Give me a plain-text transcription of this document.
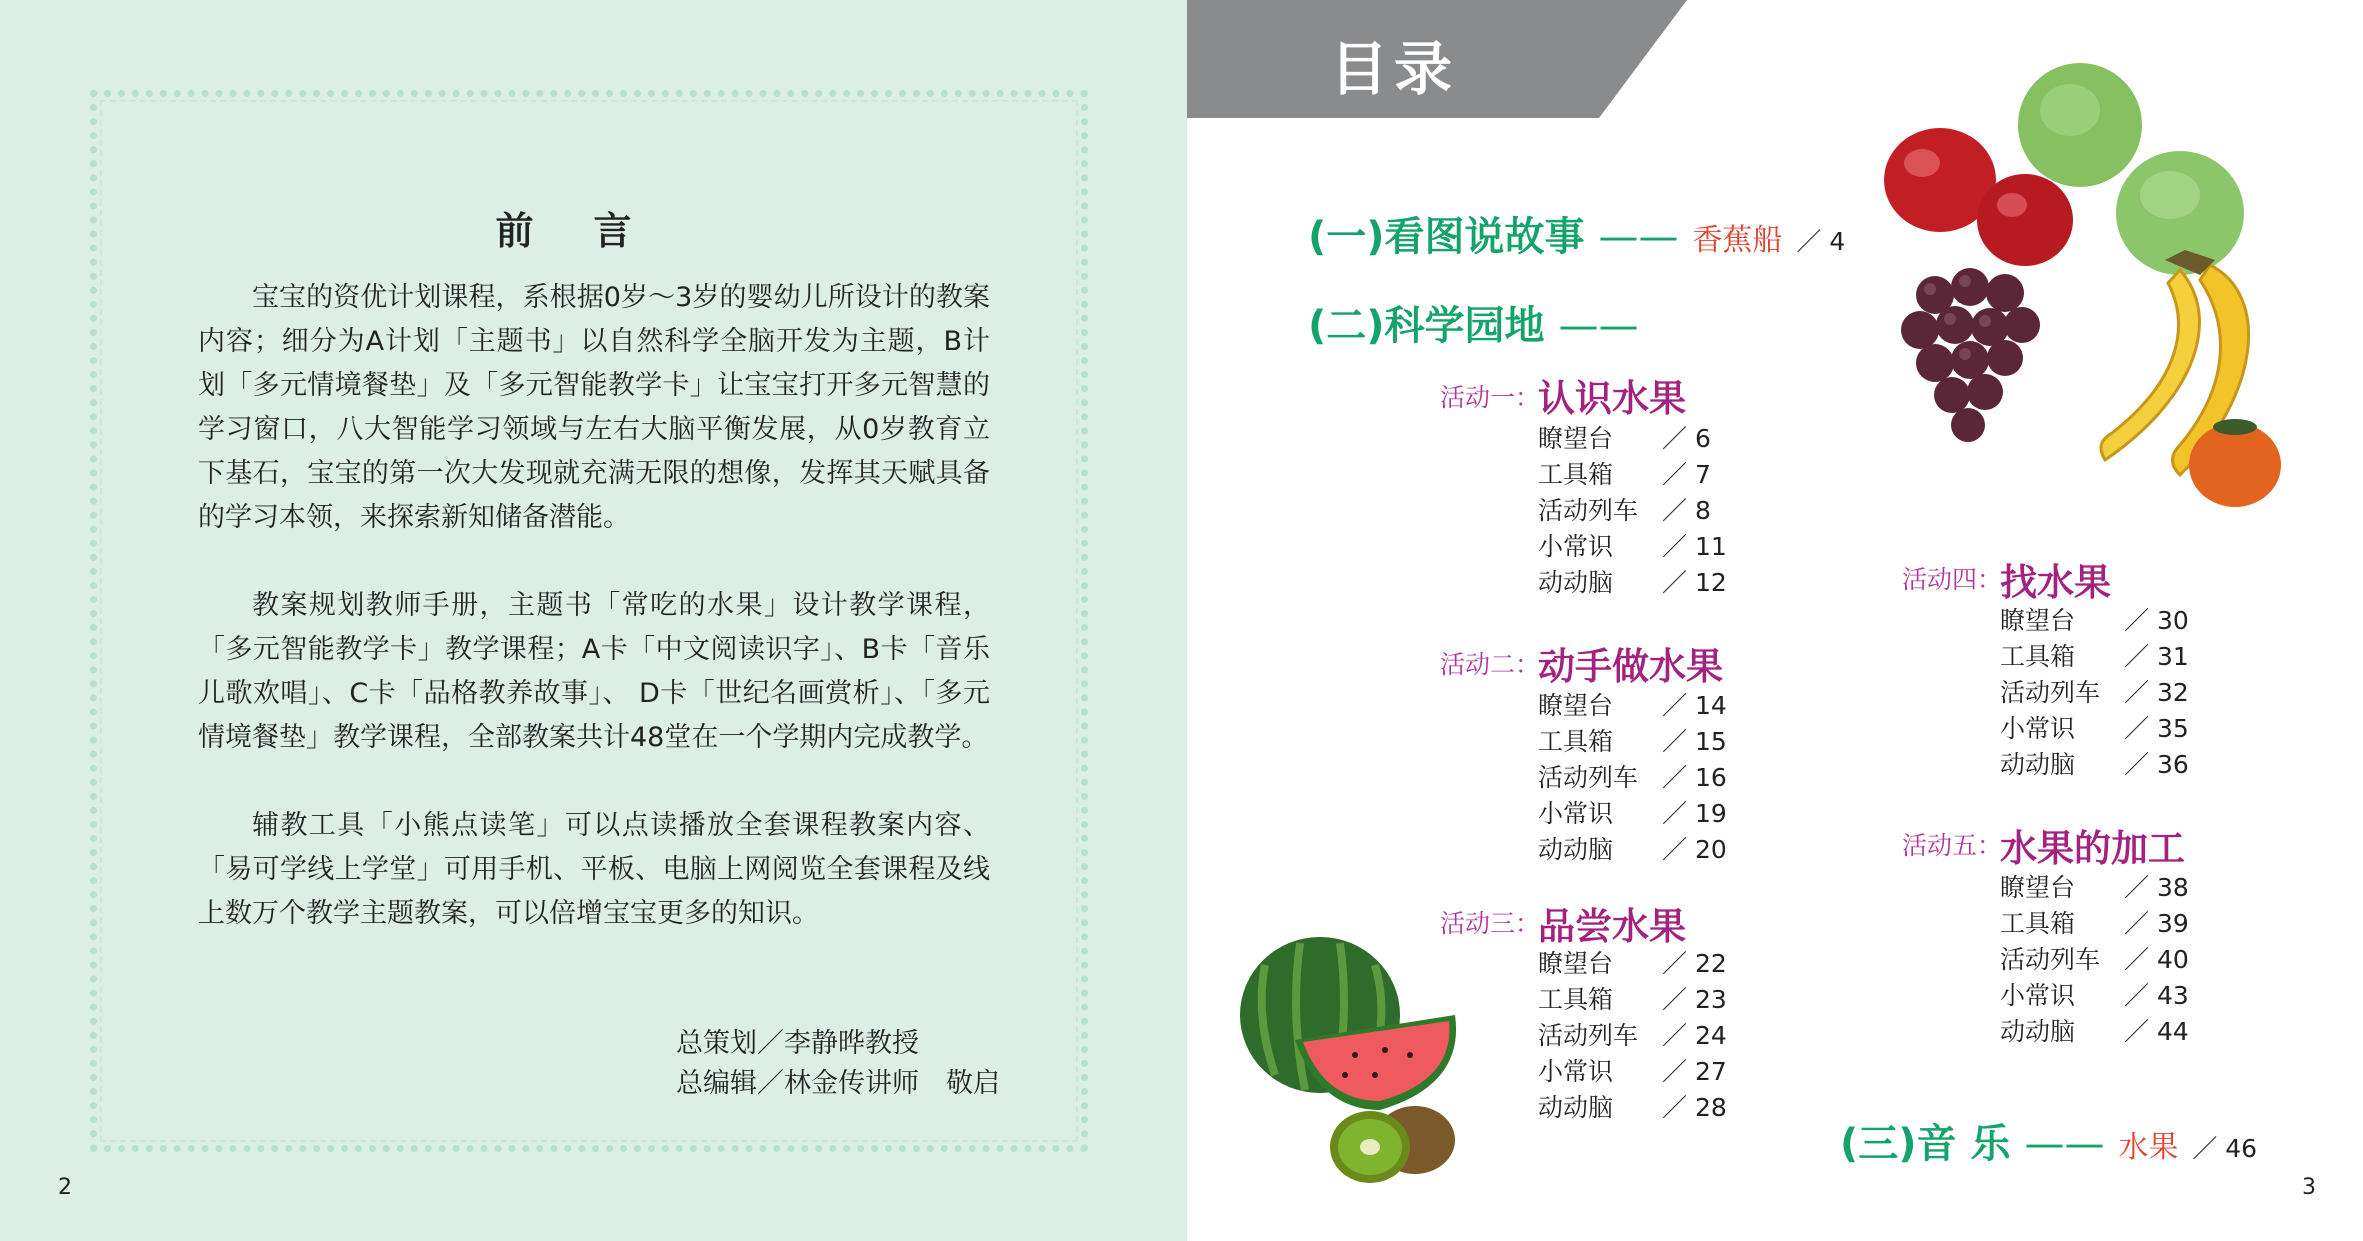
前言
宝宝的资优计划课程，系根据0岁～3岁的婴幼儿所设计的教案内容；细分为A计划「主题书」以自然科学全脑开发为主题，B计划「多元情境餐垫」及「多元智能教学卡」让宝宝打开多元智慧的学习窗口，八大智能学习领域与左右大脑平衡发展，从0岁教育立下基石，宝宝的第一次大发现就充满无限的想像，发挥其天赋具备的学习本领，来探索新知储备潜能。
教案规划教师手册，主题书「常吃的水果」设计教学课程，「多元智能教学卡」教学课程；A卡「中文阅读识字」、B卡「音乐儿歌欢唱」、C卡「品格教养故事」、 D卡「世纪名画赏析」、「多元情境餐垫」教学课程，全部教案共计48堂在一个学期内完成教学。
辅教工具「小熊点读笔」可以点读播放全套课程教案内容、「易可学线上学堂」可用手机、平板、电脑上网阅览全套课程及线上数万个教学主题教案，可以倍增宝宝更多的知识。
总策划／李静晔教授
总编辑／林金传讲师　敬启
2
目录
(一)看图说故事 —— 香蕉船 ／ 4
(二)科学园地 ——
活动一：
认识水果
瞭望台 ／ 6
工具箱 ／ 7
活动列车 ／ 8
小常识 ／ 11
动动脑 ／ 12
活动二：
动手做水果
瞭望台 ／ 14
工具箱 ／ 15
活动列车 ／ 16
小常识 ／ 19
动动脑 ／ 20
活动三：
品尝水果
瞭望台 ／ 22
工具箱 ／ 23
活动列车 ／ 24
小常识 ／ 27
动动脑 ／ 28
活动四：
找水果
瞭望台 ／ 30
工具箱 ／ 31
活动列车 ／ 32
小常识 ／ 35
动动脑 ／ 36
活动五：
水果的加工
瞭望台 ／ 38
工具箱 ／ 39
活动列车 ／ 40
小常识 ／ 43
动动脑 ／ 44
(三)音 乐 —— 水果 ／ 46
3
